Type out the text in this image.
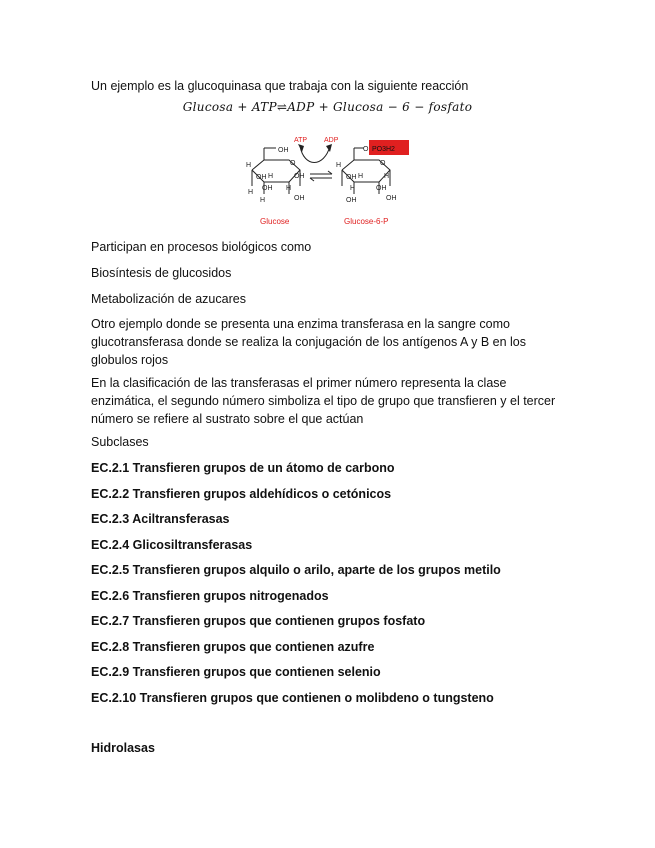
Un ejemplo es la glucoquinasa que trabaja con la siguiente reacción
Glucosa + ATP⇌ADP + Glucosa − 6 − fosfato
OH
O
H
OH H	OH
OH
H
H
H	OH
Glucose
ATP ADP
O PO3H2
O
H
OH H	H
H	OH
OH	OH
Glucose-6-P
Participan en procesos biológicos como
Biosíntesis de glucosidos
Metabolización de azucares
Otro ejemplo donde se presenta una enzima transferasa en la sangre como glucotransferasa donde se realiza la conjugación de los antígenos A y B en los globulos rojos
En la clasificación de las transferasas el primer número representa la clase enzimática, el segundo número simboliza el tipo de grupo que transfieren y el tercer número se refiere al sustrato sobre el que actúan
Subclases
EC.2.1 Transfieren grupos de un átomo de carbono
EC.2.2 Transfieren grupos aldehídicos o cetónicos
EC.2.3 Aciltransferasas
EC.2.4 Glicosiltransferasas
EC.2.5 Transfieren grupos alquilo o arilo, aparte de los grupos metilo
EC.2.6 Transfieren grupos nitrogenados
EC.2.7 Transfieren grupos que contienen grupos fosfato
EC.2.8 Transfieren grupos que contienen azufre
EC.2.9 Transfieren grupos que contienen selenio
EC.2.10 Transfieren grupos que contienen o molibdeno o tungsteno
Hidrolasas
